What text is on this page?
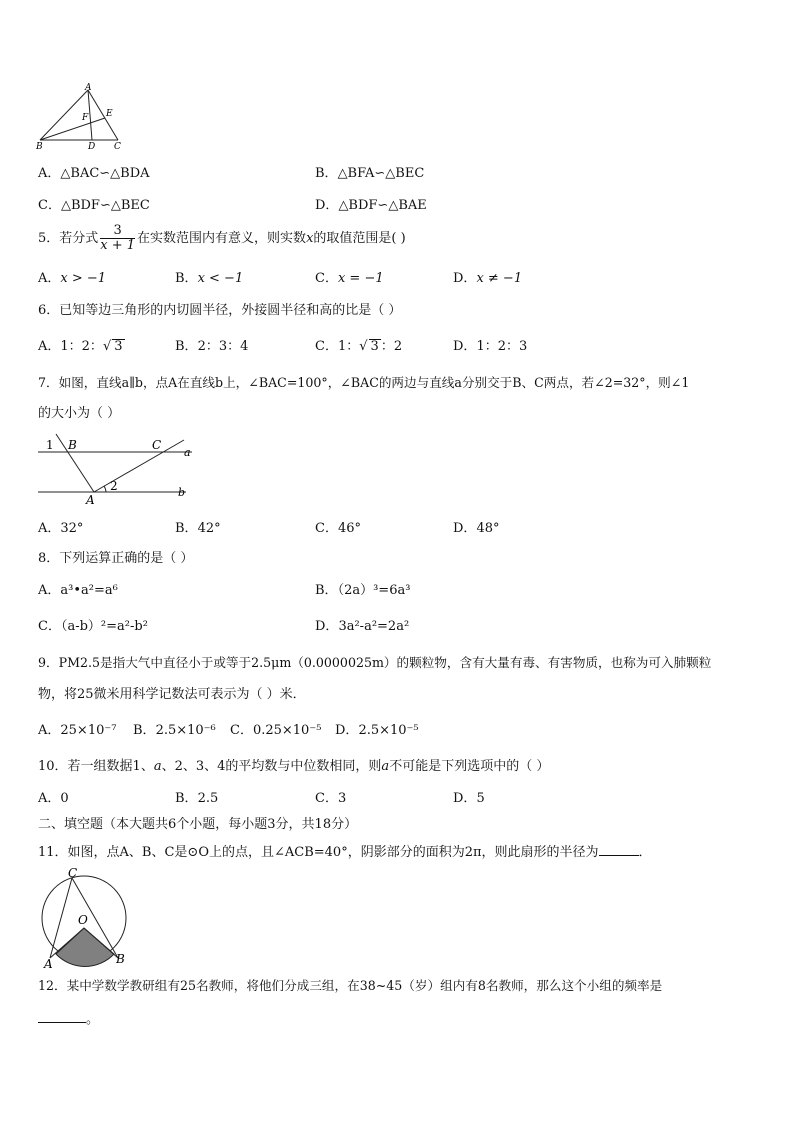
A
E
F
B	D C
A．△BAC∽△BDA	B．△BFA∽△BEC
C．△BDF∽△BEC	D．△BDF∽△BAE
5．若分式 $\frac{3}{x + 1}$ 在实数范围内有意义，则实数x的取值范围是( )
A．x > −1	B．x < −1	C．x = −1	D．x ≠ −1
6．已知等边三角形的内切圆半径，外接圆半径和高的比是（ ）
A．1：2：√ 3	B．2：3：4	C．1：√ 3 ：2	D．1：2：3
7．如图，直线a∥b，点A在直线b上，∠BAC=100°，∠BAC的两边与直线a分别交于B、C两点，若∠2=32°，则∠1
的大小为（ ）
1 B	C
a
A
2	b
A．32°	B．42°	C．46°	D．48°
8．下列运算正确的是（ ）
A．a³•a²=a⁶	B．（2a）³=6a³
C．（a-b）²=a²-b²	D．3a²-a²=2a²
9．PM2.5是指大气中直径小于或等于2.5μm（0.0000025m）的颗粒物，含有大量有毒、有害物质，也称为可入肺颗粒
物，将25微米用科学记数法可表示为（ ）米．
A．25×10⁻⁷ B．2.5×10⁻⁶ C．0.25×10⁻⁵ D．2.5×10⁻⁵
10．若一组数据1、a、2、3、4的平均数与中位数相同，则a不可能是下列选项中的（ ）
A．0	B．2.5	C．3	D．5
二、填空题（本大题共6个小题，每小题3分，共18分）
11．如图，点A、B、C是⊙O上的点，且∠ACB=40°，阴影部分的面积为2π，则此扇形的半径为	．
C
O
A	B
12．某中学数学教研组有25名教师，将他们分成三组，在38~45（岁）组内有8名教师，那么这个小组的频率是
。
